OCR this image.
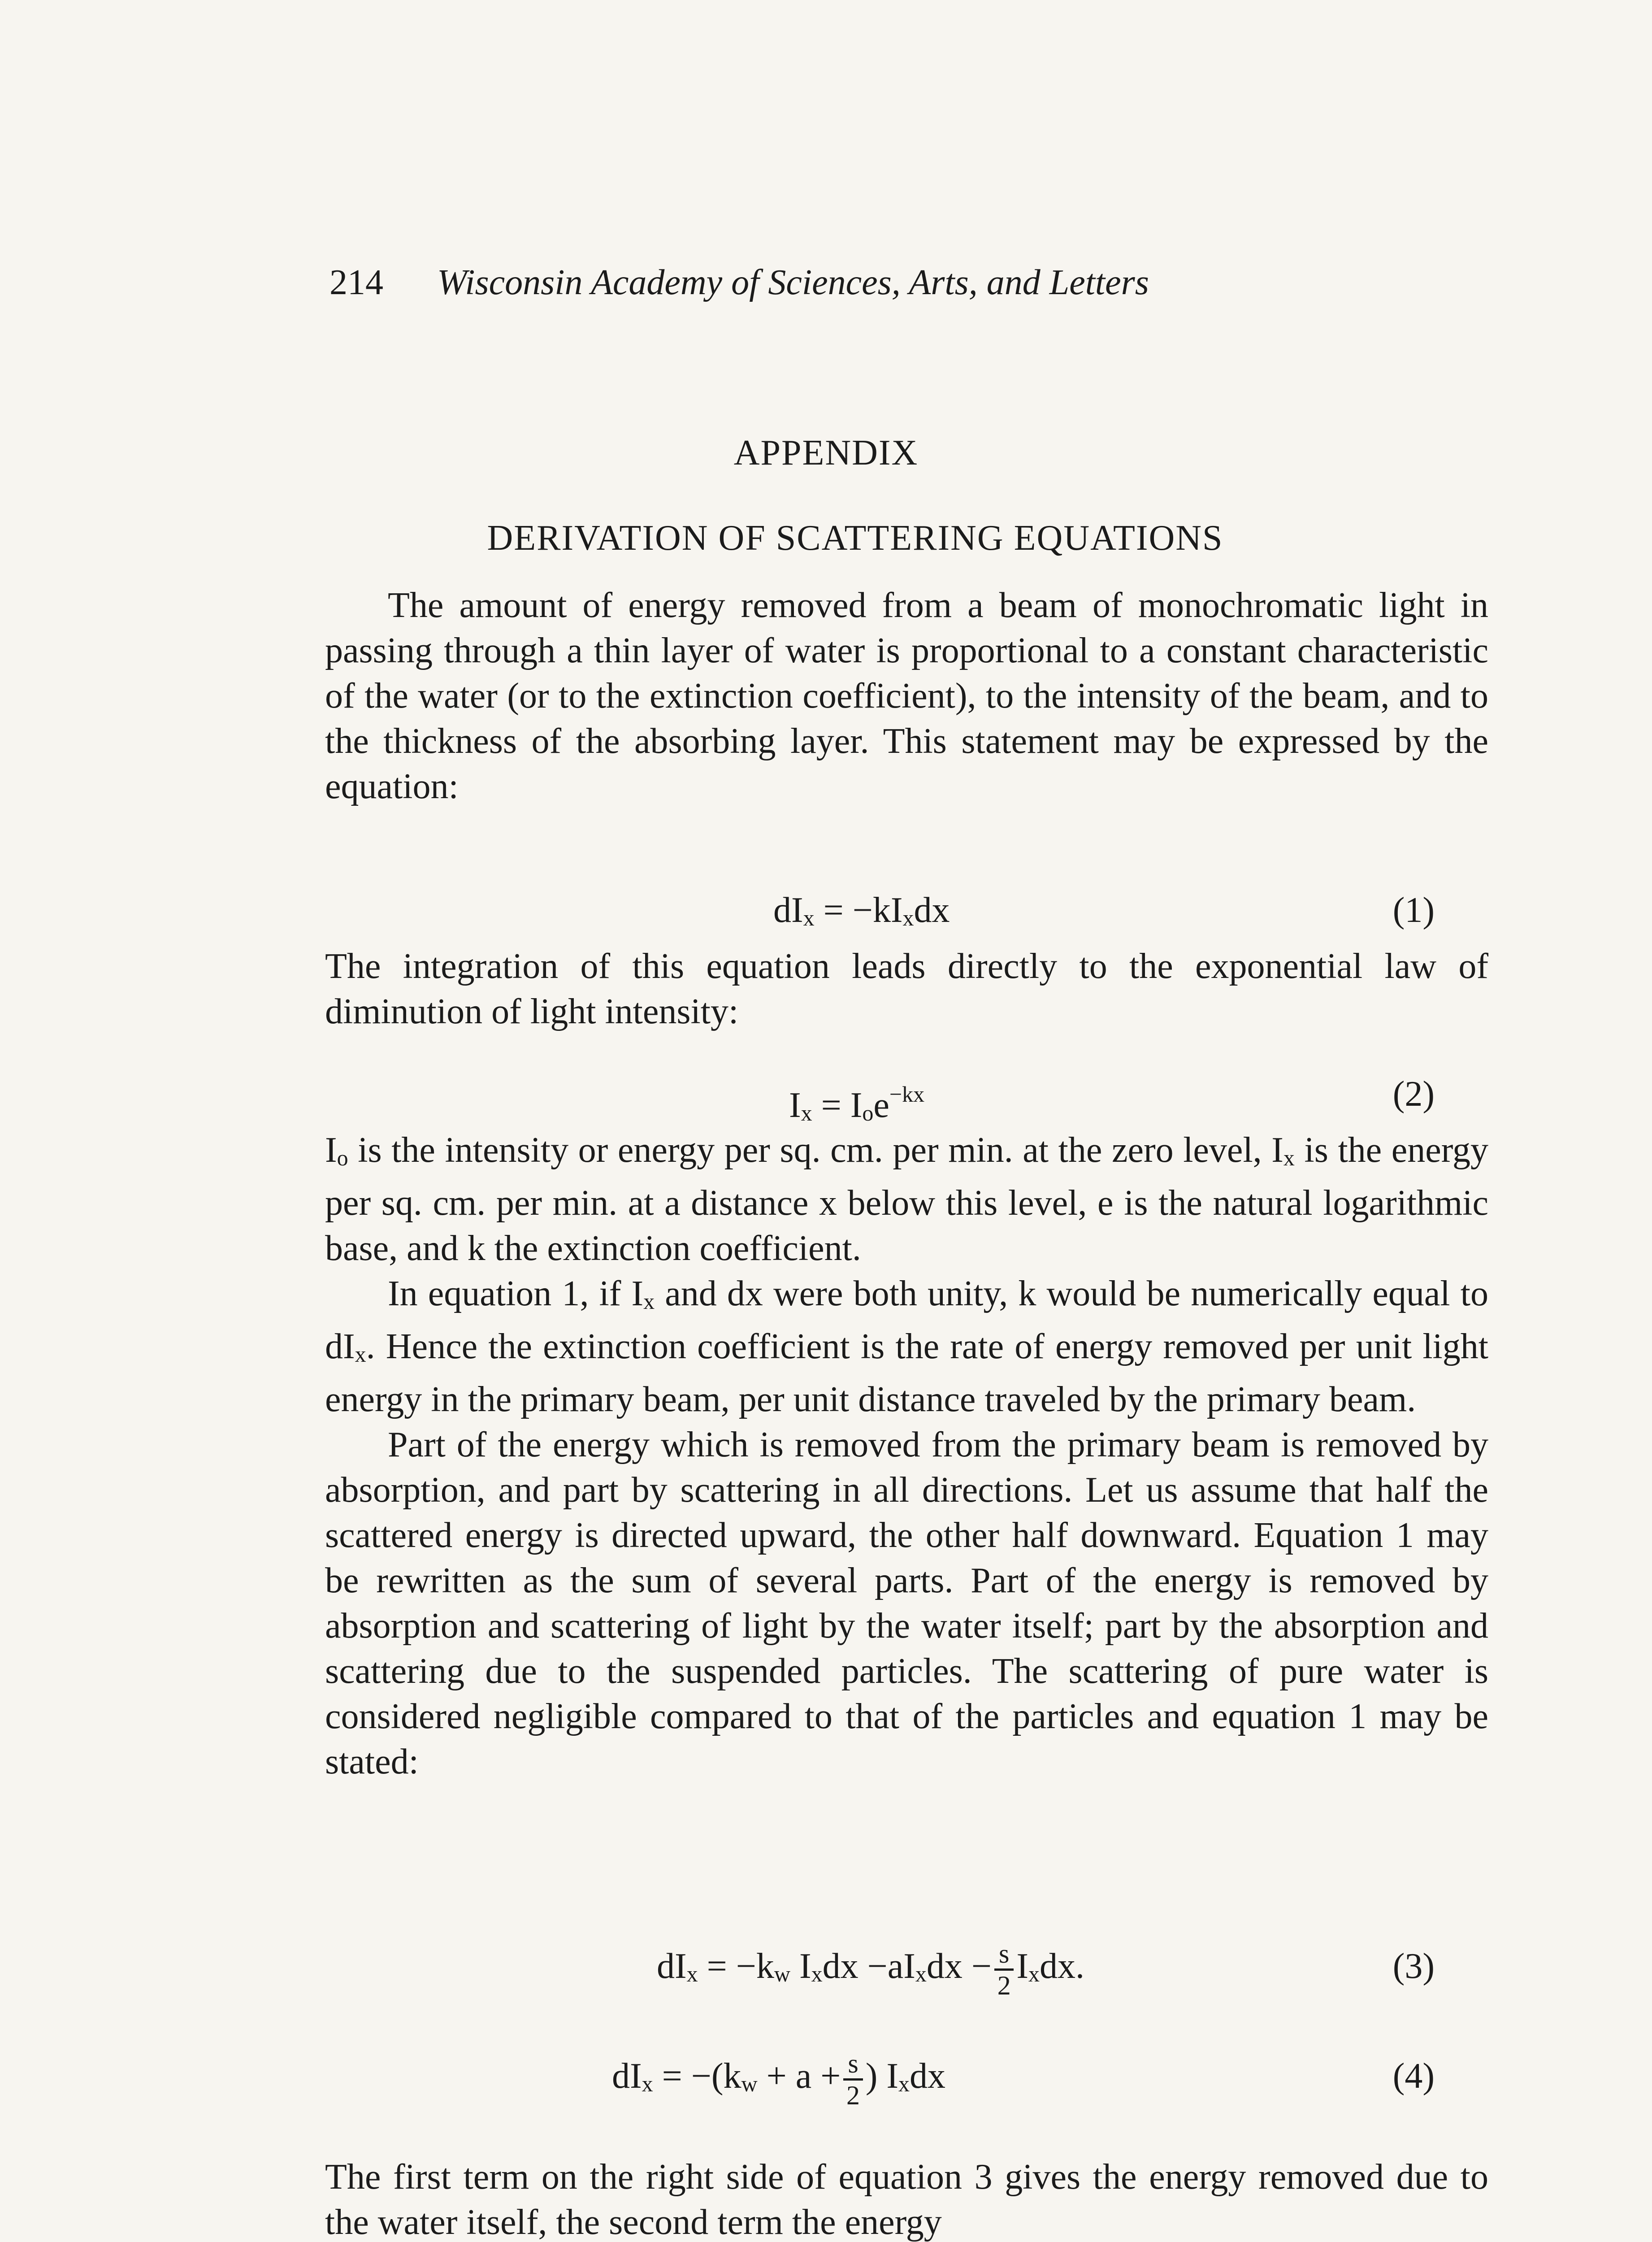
214	Wisconsin Academy of Sciences, Arts, and Letters
APPENDIX
DERIVATION OF SCATTERING EQUATIONS

The amount of energy removed from a beam of monochromatic light in passing through a thin layer of water is proportional to a constant characteristic of the water (or to the extinction coefficient), to the intensity of the beam, and to the thickness of the absorbing layer. This statement may be expressed by the equation:

dIx = −kIxdx	(1)

The integration of this equation leads directly to the exponential law of diminution of light intensity:

Ix = Ioe$^{-kx}$	(2)

Io is the intensity or energy per sq. cm. per min. at the zero level, Ix is the energy per sq. cm. per min. at a distance x below this level, e is the natural logarithmic base, and k the extinction coefficient.

In equation 1, if Ix and dx were both unity, k would be numerically equal to dIx. Hence the extinction coefficient is the rate of energy removed per unit light energy in the primary beam, per unit distance traveled by the primary beam.

Part of the energy which is removed from the primary beam is removed by absorption, and part by scattering in all directions. Let us assume that half the scattered energy is directed upward, the other half downward. Equation 1 may be rewritten as the sum of several parts. Part of the energy is removed by absorption and scattering of light by the water itself; part by the absorption and scattering due to the suspended particles. The scattering of pure water is considered negligible compared to that of the particles and equation 1 may be stated:

dIx = −kw Ixdx −aIxdx − $\frac{s}{2}$ Ixdx.	(3)
dIx = $-(kw + a + \frac{s}{2}$ ) Ixdx	(4)

The first term on the right side of equation 3 gives the energy removed due to the water itself, the second term the energy
